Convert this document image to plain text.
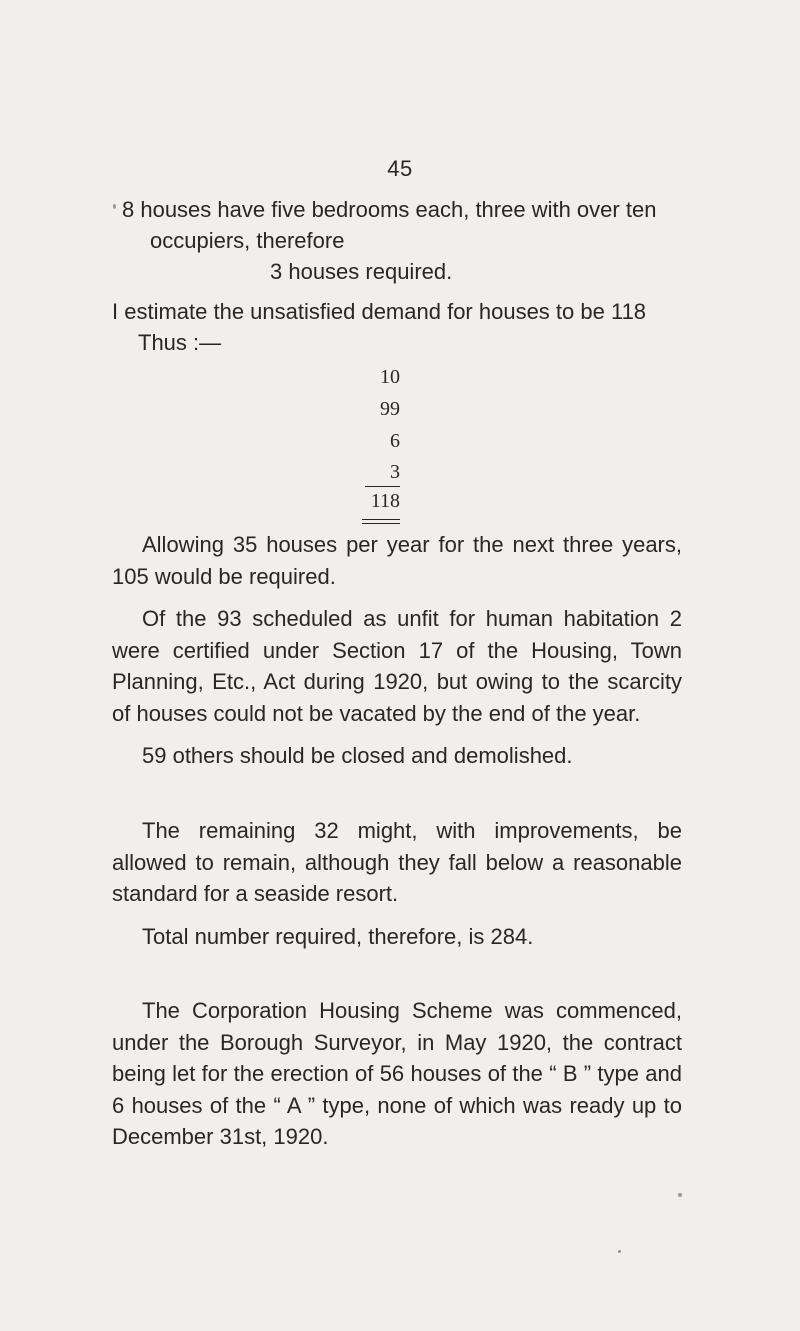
45
8 houses have five bedrooms each, three with over ten
occupiers, therefore
3 houses required.
I estimate the unsatisfied demand for houses to be 118
Thus :—
10
99
6
3
118

Allowing 35 houses per year for the next three years, 105 would be required.

Of the 93 scheduled as unfit for human habitation 2 were certified under Section 17 of the Housing, Town Planning, Etc., Act during 1920, but owing to the scarcity of houses could not be vacated by the end of the year.

59 others should be closed and demolished.

The remaining 32 might, with improvements, be allowed to remain, although they fall below a reasonable standard for a seaside resort.

Total number required, therefore, is 284.

The Corporation Housing Scheme was commenced, under the Borough Surveyor, in May 1920, the contract being let for the erection of 56 houses of the “ B ” type and 6 houses of the “ A ” type, none of which was ready up to December 31st, 1920.
